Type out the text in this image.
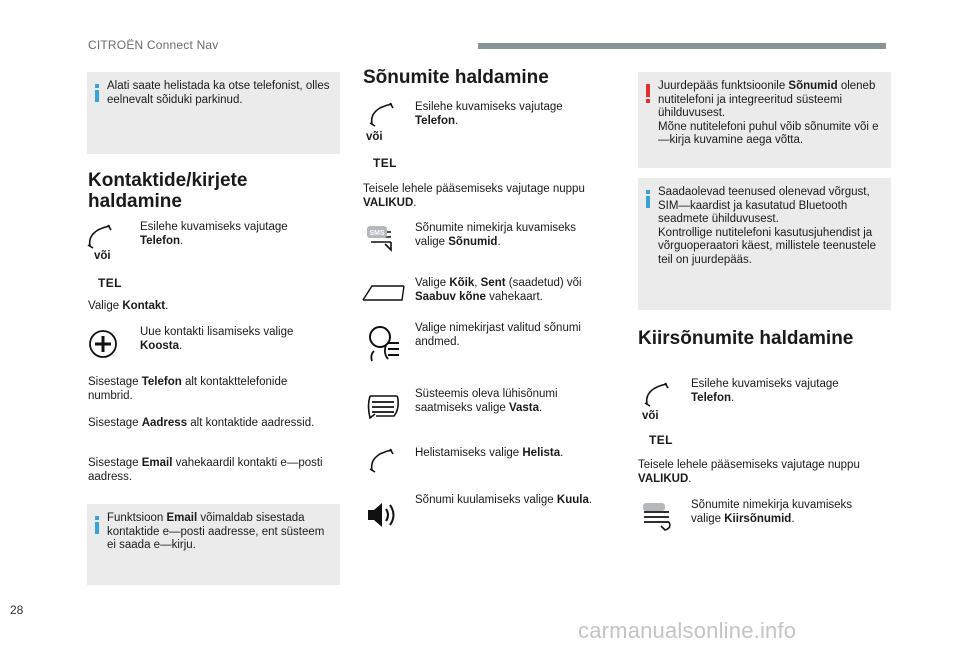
CITROËN Connect Nav
Alati saate helistada ka otse telefonist, olles eelnevalt sõiduki parkinud.
Kontaktide/kirjete haldamine
või
Esilehe kuvamiseks vajutage Telefon.
TEL
Valige Kontakt.
Uue kontakti lisamiseks valige Koosta.
Sisestage Telefon alt kontakttelefonide numbrid.
Sisestage Aadress alt kontaktide aadressid.
Sisestage Email vahekaardil kontakti e—posti aadress.
Funktsioon Email võimaldab sisestada kontaktide e—posti aadresse, ent süsteem ei saada e—kirju.
Sõnumite haldamine
või
Esilehe kuvamiseks vajutage Telefon.
TEL
Teisele lehele pääsemiseks vajutage nuppu VALIKUD.
SMS	Sõnumite nimekirja kuvamiseks valige Sõnumid.
Valige Kõik, Sent (saadetud) või Saabuv kõne vahekaart.
Valige nimekirjast valitud sõnumi andmed.
Süsteemis oleva lühisõnumi saatmiseks valige Vasta.
Helistamiseks valige Helista.
Sõnumi kuulamiseks valige Kuula.
Juurdepääs funktsioonile Sõnumid oleneb nutitelefoni ja integreeritud süsteemi ühilduvusest.
Mõne nutitelefoni puhul võib sõnumite või e—kirja kuvamine aega võtta.
Saadaolevad teenused olenevad võrgust, SIM—kaardist ja kasutatud Bluetooth seadmete ühilduvusest.
Kontrollige nutitelefoni kasutusjuhendist ja võrguoperaatori käest, millistele teenustele teil on juurdepääs.
Kiirsõnumite haldamine
või
Esilehe kuvamiseks vajutage Telefon.
TEL
Teisele lehele pääsemiseks vajutage nuppu VALIKUD.
Sõnumite nimekirja kuvamiseks valige Kiirsõnumid.
28
carmanualsonline.info
